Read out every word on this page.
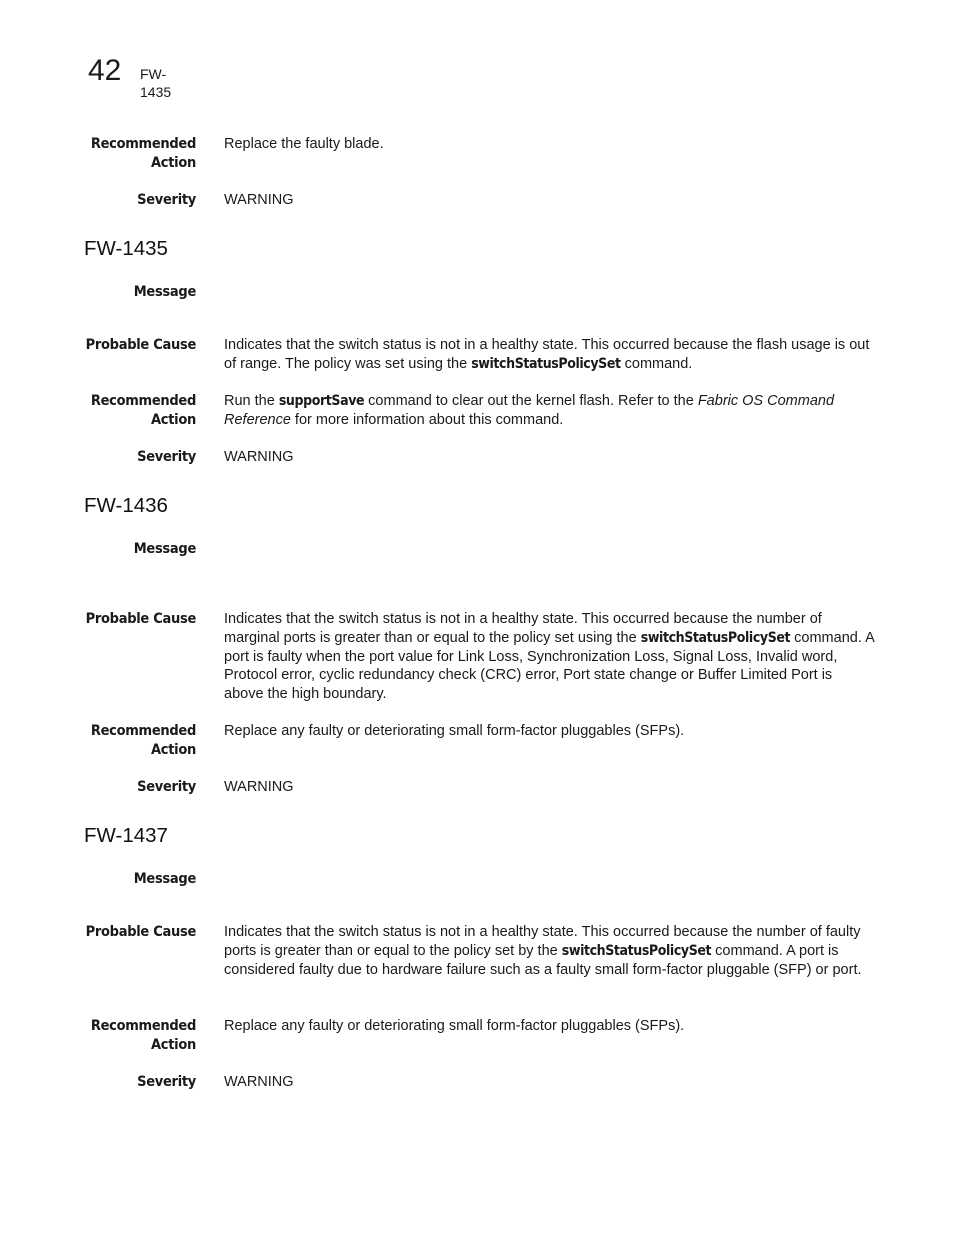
42 FW-1435
Recommended
Action
Replace the faulty blade.
Severity WARNING
FW-1435
Message
Probable Cause Indicates that the switch status is not in a healthy state. This occurred because the flash usage is out of range. The policy was set using the switchStatusPolicySet command.
Recommended
Action
Run the supportSave command to clear out the kernel flash. Refer to the Fabric OS Command Reference for more information about this command.
Severity WARNING
FW-1436
Message
Probable Cause Indicates that the switch status is not in a healthy state. This occurred because the number of marginal ports is greater than or equal to the policy set using the switchStatusPolicySet command. A port is faulty when the port value for Link Loss, Synchronization Loss, Signal Loss, Invalid word, Protocol error, cyclic redundancy check (CRC) error, Port state change or Buffer Limited Port is above the high boundary.
Recommended
Action
Replace any faulty or deteriorating small form-factor pluggables (SFPs).
Severity WARNING
FW-1437
Message
Probable Cause Indicates that the switch status is not in a healthy state. This occurred because the number of faulty ports is greater than or equal to the policy set by the switchStatusPolicySet command. A port is considered faulty due to hardware failure such as a faulty small form-factor pluggable (SFP) or port.
Recommended
Action
Replace any faulty or deteriorating small form-factor pluggables (SFPs).
Severity WARNING
